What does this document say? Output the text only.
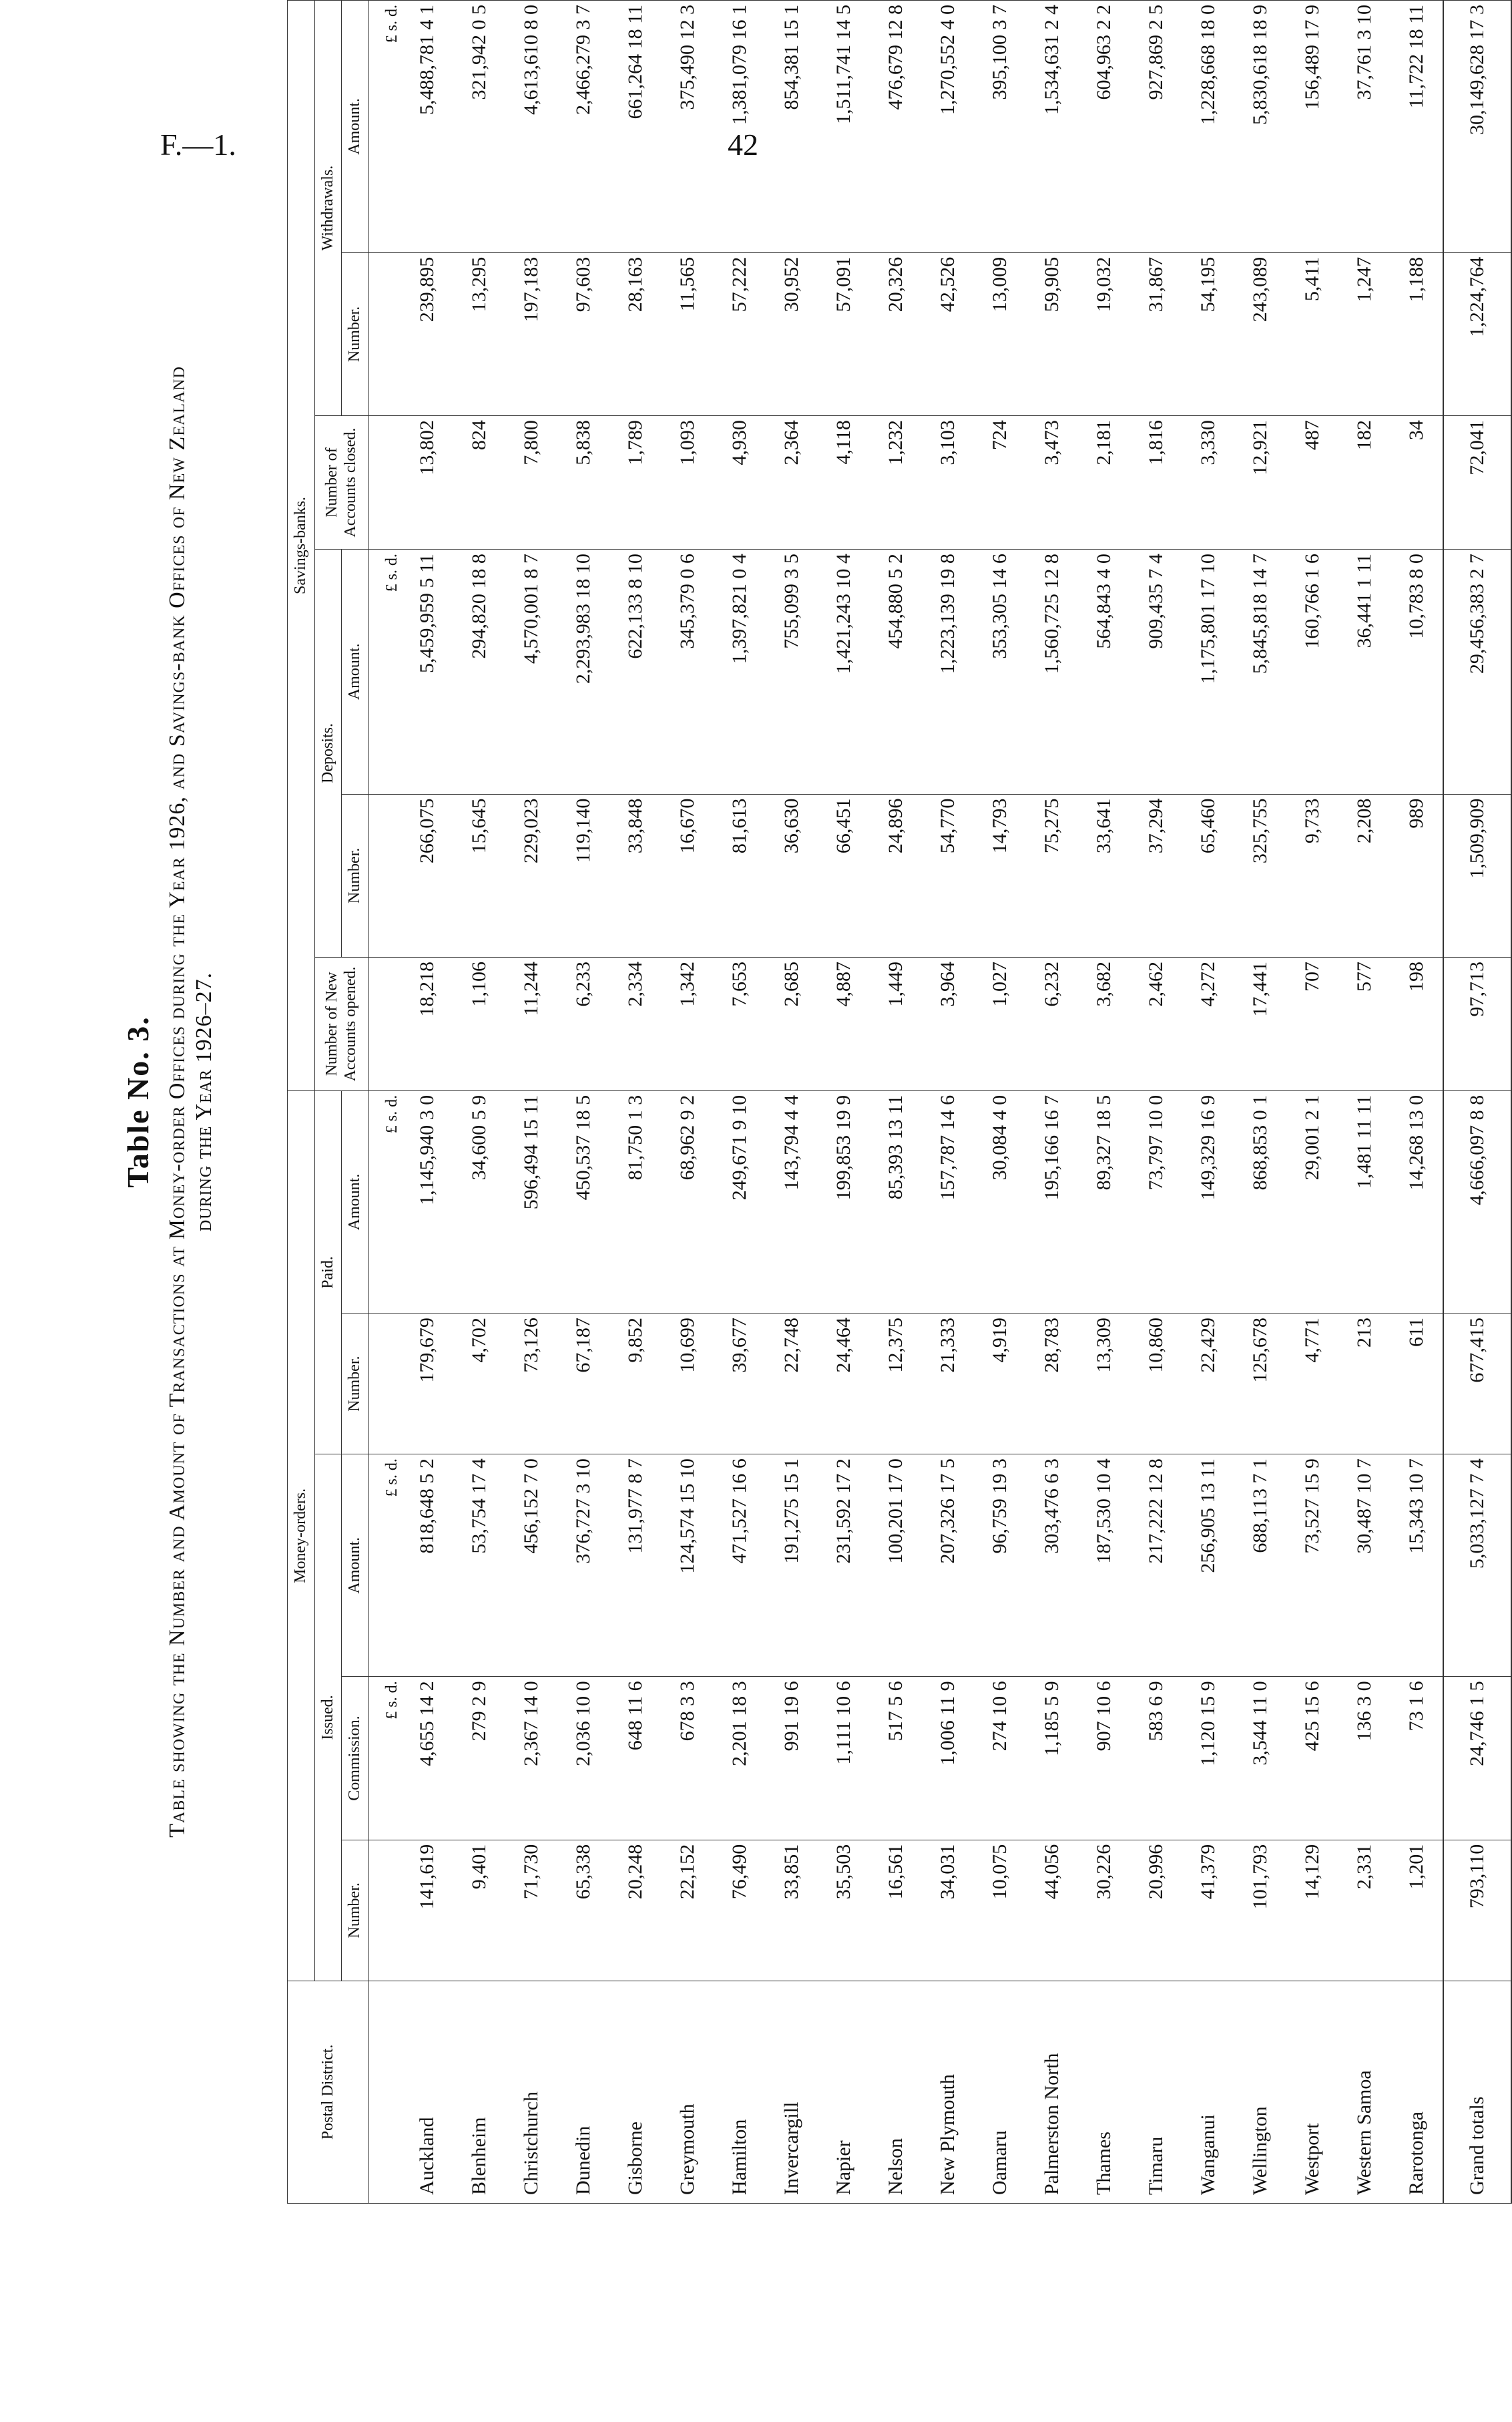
F.—1.	42
Table No. 3. Table showing the Number and Amount of Transactions at Money-order Offices during the Year 1926, and Savings-bank Offices of New Zealand during the Year 1926–27.
Postal District.	Money-orders.					Savings-banks.					
	Issued.			Paid.		Number of New Accounts opened.	Deposits.		Number of Accounts closed.	Withdrawals.	
	Number.	Commission.	Amount.	Number.	Amount.		Number.	Amount.		Number.	Amount.
		£ s. d.	£ s. d.		£ s. d.			£ s. d.			£ s. d.
Auckland	141,619	4,655 14 2	818,648 5 2	179,679	1,145,940 3 0	18,218	266,075	5,459,959 5 11	13,802	239,895	5,488,781 4 1
Blenheim	9,401	279 2 9	53,754 17 4	4,702	34,600 5 9	1,106	15,645	294,820 18 8	824	13,295	321,942 0 5
Christchurch	71,730	2,367 14 0	456,152 7 0	73,126	596,494 15 11	11,244	229,023	4,570,001 8 7	7,800	197,183	4,613,610 8 0
Dunedin	65,338	2,036 10 0	376,727 3 10	67,187	450,537 18 5	6,233	119,140	2,293,983 18 10	5,838	97,603	2,466,279 3 7
Gisborne	20,248	648 11 6	131,977 8 7	9,852	81,750 1 3	2,334	33,848	622,133 8 10	1,789	28,163	661,264 18 11
Greymouth	22,152	678 3 3	124,574 15 10	10,699	68,962 9 2	1,342	16,670	345,379 0 6	1,093	11,565	375,490 12 3
Hamilton	76,490	2,201 18 3	471,527 16 6	39,677	249,671 9 10	7,653	81,613	1,397,821 0 4	4,930	57,222	1,381,079 16 1
Invercargill	33,851	991 19 6	191,275 15 1	22,748	143,794 4 4	2,685	36,630	755,099 3 5	2,364	30,952	854,381 15 1
Napier	35,503	1,111 10 6	231,592 17 2	24,464	199,853 19 9	4,887	66,451	1,421,243 10 4	4,118	57,091	1,511,741 14 5
Nelson	16,561	517 5 6	100,201 17 0	12,375	85,393 13 11	1,449	24,896	454,880 5 2	1,232	20,326	476,679 12 8
New Plymouth	34,031	1,006 11 9	207,326 17 5	21,333	157,787 14 6	3,964	54,770	1,223,139 19 8	3,103	42,526	1,270,552 4 0
Oamaru	10,075	274 10 6	96,759 19 3	4,919	30,084 4 0	1,027	14,793	353,305 14 6	724	13,009	395,100 3 7
Palmerston North	44,056	1,185 5 9	303,476 6 3	28,783	195,166 16 7	6,232	75,275	1,560,725 12 8	3,473	59,905	1,534,631 2 4
Thames	30,226	907 10 6	187,530 10 4	13,309	89,327 18 5	3,682	33,641	564,843 4 0	2,181	19,032	604,963 2 2
Timaru	20,996	583 6 9	217,222 12 8	10,860	73,797 10 0	2,462	37,294	909,435 7 4	1,816	31,867	927,869 2 5
Wanganui	41,379	1,120 15 9	256,905 13 11	22,429	149,329 16 9	4,272	65,460	1,175,801 17 10	3,330	54,195	1,228,668 18 0
Wellington	101,793	3,544 11 0	688,113 7 1	125,678	868,853 0 1	17,441	325,755	5,845,818 14 7	12,921	243,089	5,830,618 18 9
Westport	14,129	425 15 6	73,527 15 9	4,771	29,001 2 1	707	9,733	160,766 1 6	487	5,411	156,489 17 9
Western Samoa	2,331	136 3 0	30,487 10 7	213	1,481 11 11	577	2,208	36,441 1 11	182	1,247	37,761 3 10
Rarotonga	1,201	73 1 6	15,343 10 7	611	14,268 13 0	198	989	10,783 8 0	34	1,188	11,722 18 11
Grand totals	793,110	24,746 1 5	5,033,127 7 4	677,415	4,666,097 8 8	97,713	1,509,909	29,456,383 2 7	72,041	1,224,764	30,149,628 17 3
